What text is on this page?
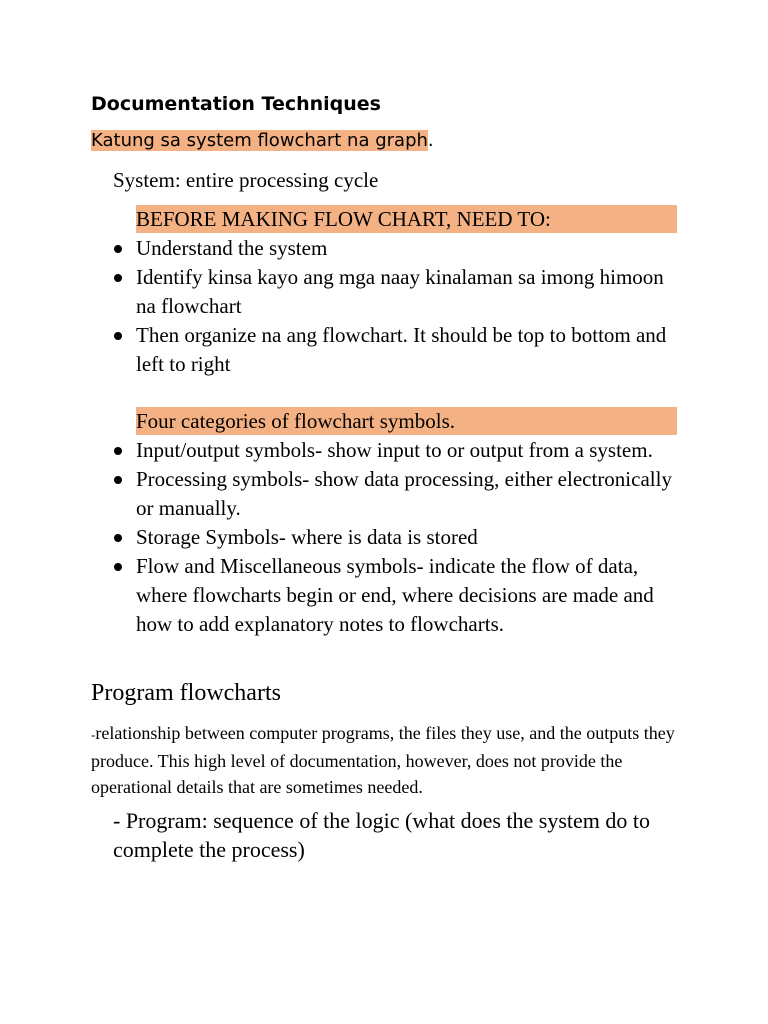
Documentation Techniques
Katung sa system flowchart na graph.
System: entire processing cycle
BEFORE MAKING FLOW CHART, NEED TO:
Understand the system
Identify kinsa kayo ang mga naay kinalaman sa imong himoon na flowchart
Then organize na ang flowchart. It should be top to bottom and left to right
Four categories of flowchart symbols.
Input/output symbols- show input to or output from a system.
Processing symbols- show data processing, either electronically or manually.
Storage Symbols- where is data is stored
Flow and Miscellaneous symbols- indicate the flow of data, where flowcharts begin or end, where decisions are made and how to add explanatory notes to flowcharts.
Program flowcharts

-relationship between computer programs, the files they use, and the outputs they produce. This high level of documentation, however, does not provide the operational details that are sometimes needed.

- Program: sequence of the logic (what does the system do to complete the process)
